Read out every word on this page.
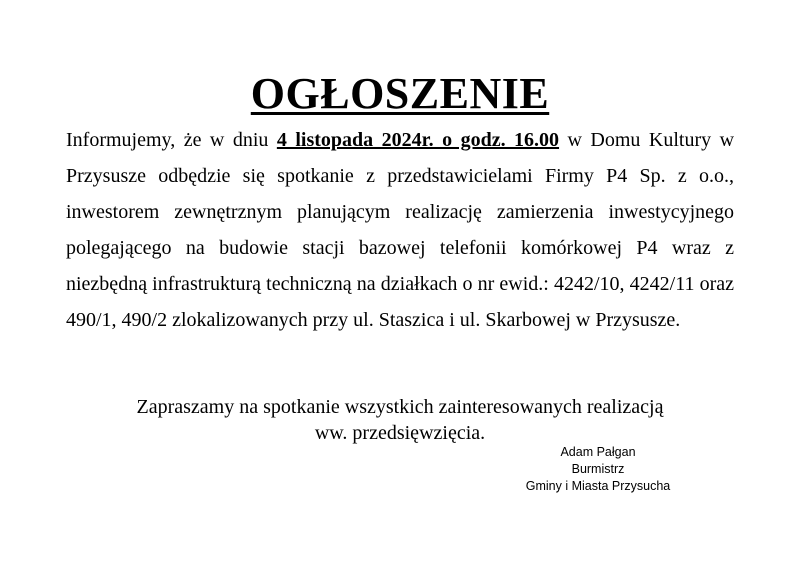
OGŁOSZENIE

Informujemy, że w dniu 4 listopada 2024r. o godz. 16.00 w Domu Kultury w Przysusze odbędzie się spotkanie z przedstawicielami Firmy P4 Sp. z o.o., inwestorem zewnętrznym planującym realizację zamierzenia inwestycyjnego polegającego na budowie stacji bazowej telefonii komórkowej P4 wraz z niezbędną infrastrukturą techniczną na działkach o nr ewid.: 4242/10, 4242/11 oraz 490/1, 490/2 zlokalizowanych przy ul. Staszica i ul. Skarbowej w Przysusze.

Zapraszamy na spotkanie wszystkich zainteresowanych realizacją
ww. przedsięwzięcia.
Adam Pałgan
Burmistrz
Gminy i Miasta Przysucha
